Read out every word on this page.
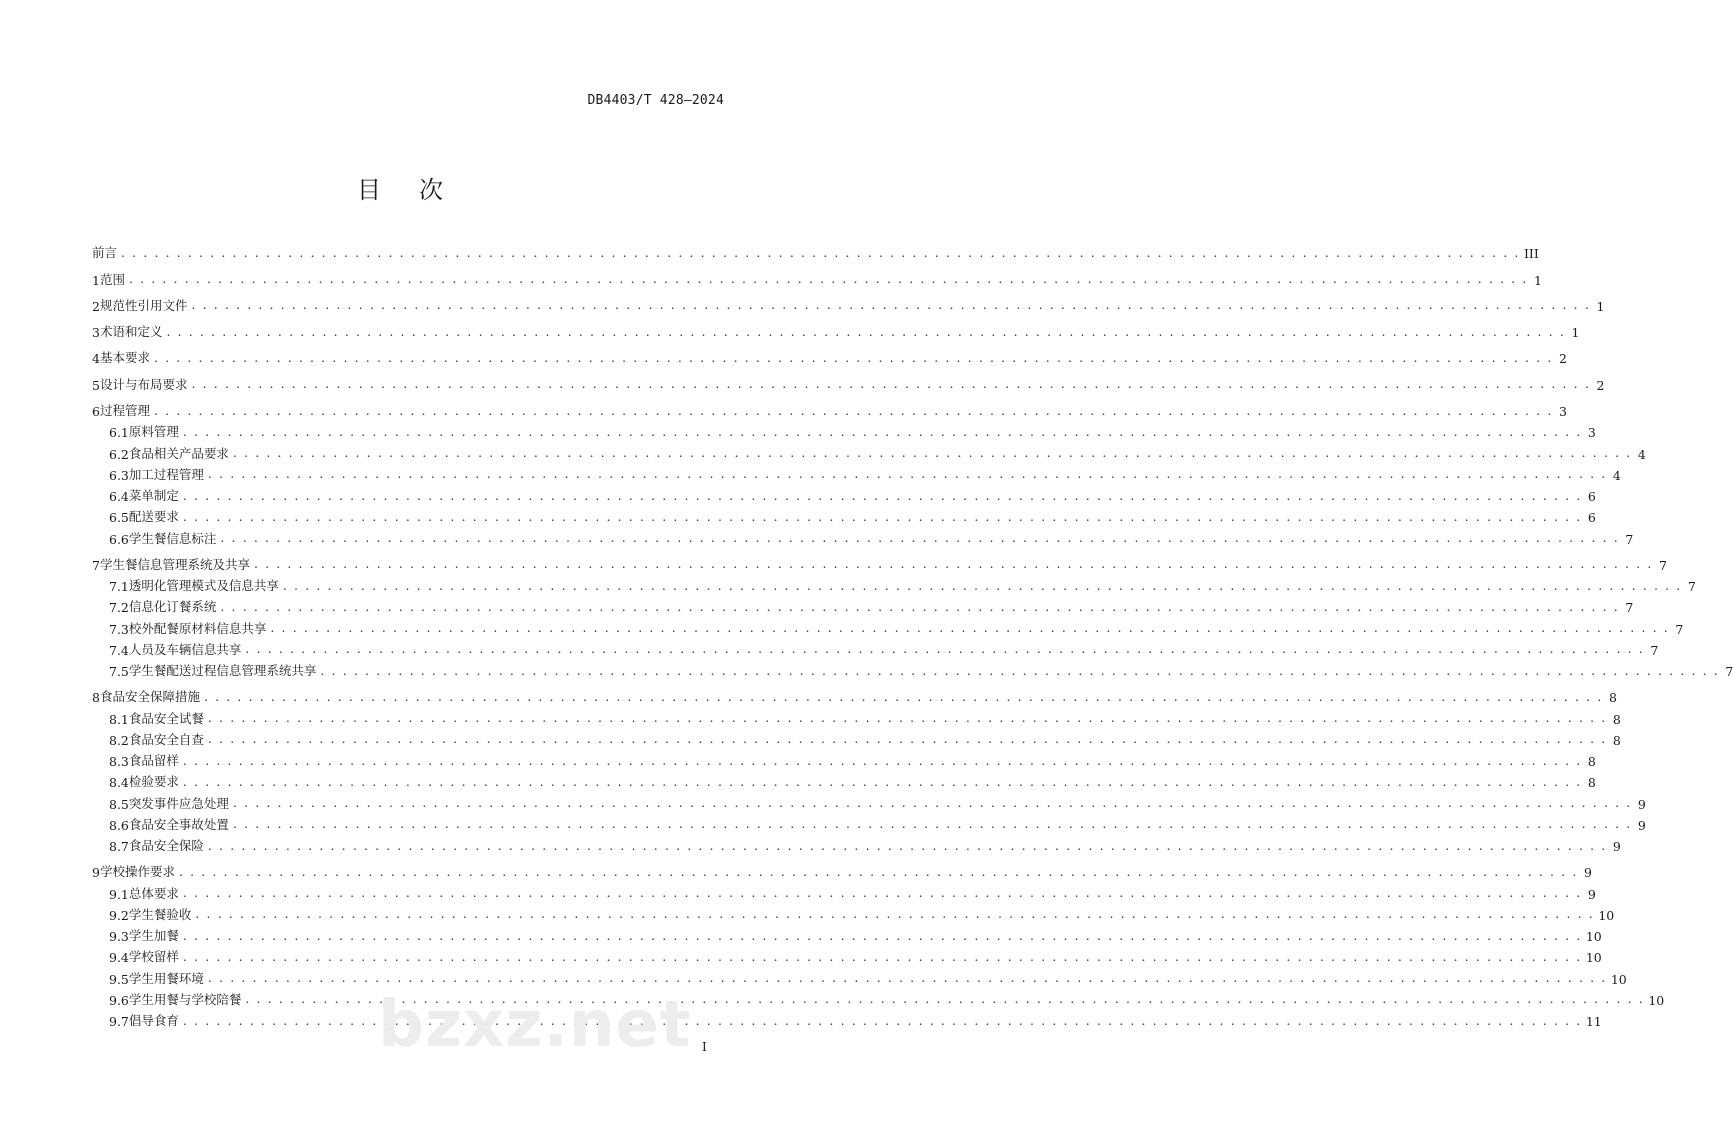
DB4403/T 428—2024
目次
前言 . . . . . . . . . . . . . . . . . . . . . . . . . . . . . . . . . . . . . . . . . . . . . . . . . . . . . . . . . . . . . . . . . . . . . . . . . . . . . . . . . . . . . . . . . . . . . . . . . . . . . . . . . . . . . . . . . . . . . . . . . . . . . . III
1 范围 . . . . . . . . . . . . . . . . . . . . . . . . . . . . . . . . . . . . . . . . . . . . . . . . . . . . . . . . . . . . . . . . . . . . . . . . . . . . . . . . . . . . . . . . . . . . . . . . . . . . . . . . . . . . . . . . . . . . . . . . . . . . . . 1
2 规范性引用文件 . . . . . . . . . . . . . . . . . . . . . . . . . . . . . . . . . . . . . . . . . . . . . . . . . . . . . . . . . . . . . . . . . . . . . . . . . . . . . . . . . . . . . . . . . . . . . . . . . . . . . . . . . . . . . . . . . . . . . . . . . . . . . . 1
3 术语和定义 . . . . . . . . . . . . . . . . . . . . . . . . . . . . . . . . . . . . . . . . . . . . . . . . . . . . . . . . . . . . . . . . . . . . . . . . . . . . . . . . . . . . . . . . . . . . . . . . . . . . . . . . . . . . . . . . . . . . . . . . . . . . . . 1
4 基本要求 . . . . . . . . . . . . . . . . . . . . . . . . . . . . . . . . . . . . . . . . . . . . . . . . . . . . . . . . . . . . . . . . . . . . . . . . . . . . . . . . . . . . . . . . . . . . . . . . . . . . . . . . . . . . . . . . . . . . . . . . . . . . . . 2
5 设计与布局要求 . . . . . . . . . . . . . . . . . . . . . . . . . . . . . . . . . . . . . . . . . . . . . . . . . . . . . . . . . . . . . . . . . . . . . . . . . . . . . . . . . . . . . . . . . . . . . . . . . . . . . . . . . . . . . . . . . . . . . . . . . . . . . . 2
6 过程管理 . . . . . . . . . . . . . . . . . . . . . . . . . . . . . . . . . . . . . . . . . . . . . . . . . . . . . . . . . . . . . . . . . . . . . . . . . . . . . . . . . . . . . . . . . . . . . . . . . . . . . . . . . . . . . . . . . . . . . . . . . . . . . . 3
6.1 原料管理 . . . . . . . . . . . . . . . . . . . . . . . . . . . . . . . . . . . . . . . . . . . . . . . . . . . . . . . . . . . . . . . . . . . . . . . . . . . . . . . . . . . . . . . . . . . . . . . . . . . . . . . . . . . . . . . . . . . . . . . . . . . . . . 3
6.2 食品相关产品要求 . . . . . . . . . . . . . . . . . . . . . . . . . . . . . . . . . . . . . . . . . . . . . . . . . . . . . . . . . . . . . . . . . . . . . . . . . . . . . . . . . . . . . . . . . . . . . . . . . . . . . . . . . . . . . . . . . . . . . . . . . . . . . . 4
6.3 加工过程管理 . . . . . . . . . . . . . . . . . . . . . . . . . . . . . . . . . . . . . . . . . . . . . . . . . . . . . . . . . . . . . . . . . . . . . . . . . . . . . . . . . . . . . . . . . . . . . . . . . . . . . . . . . . . . . . . . . . . . . . . . . . . . . . 4
6.4 菜单制定 . . . . . . . . . . . . . . . . . . . . . . . . . . . . . . . . . . . . . . . . . . . . . . . . . . . . . . . . . . . . . . . . . . . . . . . . . . . . . . . . . . . . . . . . . . . . . . . . . . . . . . . . . . . . . . . . . . . . . . . . . . . . . . 6
6.5 配送要求 . . . . . . . . . . . . . . . . . . . . . . . . . . . . . . . . . . . . . . . . . . . . . . . . . . . . . . . . . . . . . . . . . . . . . . . . . . . . . . . . . . . . . . . . . . . . . . . . . . . . . . . . . . . . . . . . . . . . . . . . . . . . . . 6
6.6 学生餐信息标注 . . . . . . . . . . . . . . . . . . . . . . . . . . . . . . . . . . . . . . . . . . . . . . . . . . . . . . . . . . . . . . . . . . . . . . . . . . . . . . . . . . . . . . . . . . . . . . . . . . . . . . . . . . . . . . . . . . . . . . . . . . . . . . 7
7 学生餐信息管理系统及共享 . . . . . . . . . . . . . . . . . . . . . . . . . . . . . . . . . . . . . . . . . . . . . . . . . . . . . . . . . . . . . . . . . . . . . . . . . . . . . . . . . . . . . . . . . . . . . . . . . . . . . . . . . . . . . . . . . . . . . . . . . . . . . . 7
7.1 透明化管理模式及信息共享 . . . . . . . . . . . . . . . . . . . . . . . . . . . . . . . . . . . . . . . . . . . . . . . . . . . . . . . . . . . . . . . . . . . . . . . . . . . . . . . . . . . . . . . . . . . . . . . . . . . . . . . . . . . . . . . . . . . . . . . . . . . . . . 7
7.2 信息化订餐系统 . . . . . . . . . . . . . . . . . . . . . . . . . . . . . . . . . . . . . . . . . . . . . . . . . . . . . . . . . . . . . . . . . . . . . . . . . . . . . . . . . . . . . . . . . . . . . . . . . . . . . . . . . . . . . . . . . . . . . . . . . . . . . . 7
7.3 校外配餐原材料信息共享 . . . . . . . . . . . . . . . . . . . . . . . . . . . . . . . . . . . . . . . . . . . . . . . . . . . . . . . . . . . . . . . . . . . . . . . . . . . . . . . . . . . . . . . . . . . . . . . . . . . . . . . . . . . . . . . . . . . . . . . . . . . . . . 7
7.4 人员及车辆信息共享 . . . . . . . . . . . . . . . . . . . . . . . . . . . . . . . . . . . . . . . . . . . . . . . . . . . . . . . . . . . . . . . . . . . . . . . . . . . . . . . . . . . . . . . . . . . . . . . . . . . . . . . . . . . . . . . . . . . . . . . . . . . . . . 7
7.5 学生餐配送过程信息管理系统共享 . . . . . . . . . . . . . . . . . . . . . . . . . . . . . . . . . . . . . . . . . . . . . . . . . . . . . . . . . . . . . . . . . . . . . . . . . . . . . . . . . . . . . . . . . . . . . . . . . . . . . . . . . . . . . . . . . . . . . . . . . . . . . . 7
8 食品安全保障措施 . . . . . . . . . . . . . . . . . . . . . . . . . . . . . . . . . . . . . . . . . . . . . . . . . . . . . . . . . . . . . . . . . . . . . . . . . . . . . . . . . . . . . . . . . . . . . . . . . . . . . . . . . . . . . . . . . . . . . . . . . . . . . . 8
8.1 食品安全试餐 . . . . . . . . . . . . . . . . . . . . . . . . . . . . . . . . . . . . . . . . . . . . . . . . . . . . . . . . . . . . . . . . . . . . . . . . . . . . . . . . . . . . . . . . . . . . . . . . . . . . . . . . . . . . . . . . . . . . . . . . . . . . . . 8
8.2 食品安全自查 . . . . . . . . . . . . . . . . . . . . . . . . . . . . . . . . . . . . . . . . . . . . . . . . . . . . . . . . . . . . . . . . . . . . . . . . . . . . . . . . . . . . . . . . . . . . . . . . . . . . . . . . . . . . . . . . . . . . . . . . . . . . . . 8
8.3 食品留样 . . . . . . . . . . . . . . . . . . . . . . . . . . . . . . . . . . . . . . . . . . . . . . . . . . . . . . . . . . . . . . . . . . . . . . . . . . . . . . . . . . . . . . . . . . . . . . . . . . . . . . . . . . . . . . . . . . . . . . . . . . . . . . 8
8.4 检验要求 . . . . . . . . . . . . . . . . . . . . . . . . . . . . . . . . . . . . . . . . . . . . . . . . . . . . . . . . . . . . . . . . . . . . . . . . . . . . . . . . . . . . . . . . . . . . . . . . . . . . . . . . . . . . . . . . . . . . . . . . . . . . . . 8
8.5 突发事件应急处理 . . . . . . . . . . . . . . . . . . . . . . . . . . . . . . . . . . . . . . . . . . . . . . . . . . . . . . . . . . . . . . . . . . . . . . . . . . . . . . . . . . . . . . . . . . . . . . . . . . . . . . . . . . . . . . . . . . . . . . . . . . . . . . 9
8.6 食品安全事故处置 . . . . . . . . . . . . . . . . . . . . . . . . . . . . . . . . . . . . . . . . . . . . . . . . . . . . . . . . . . . . . . . . . . . . . . . . . . . . . . . . . . . . . . . . . . . . . . . . . . . . . . . . . . . . . . . . . . . . . . . . . . . . . . 9
8.7 食品安全保险 . . . . . . . . . . . . . . . . . . . . . . . . . . . . . . . . . . . . . . . . . . . . . . . . . . . . . . . . . . . . . . . . . . . . . . . . . . . . . . . . . . . . . . . . . . . . . . . . . . . . . . . . . . . . . . . . . . . . . . . . . . . . . . 9
9 学校操作要求 . . . . . . . . . . . . . . . . . . . . . . . . . . . . . . . . . . . . . . . . . . . . . . . . . . . . . . . . . . . . . . . . . . . . . . . . . . . . . . . . . . . . . . . . . . . . . . . . . . . . . . . . . . . . . . . . . . . . . . . . . . . . . . 9
9.1 总体要求 . . . . . . . . . . . . . . . . . . . . . . . . . . . . . . . . . . . . . . . . . . . . . . . . . . . . . . . . . . . . . . . . . . . . . . . . . . . . . . . . . . . . . . . . . . . . . . . . . . . . . . . . . . . . . . . . . . . . . . . . . . . . . . 9
9.2 学生餐验收 . . . . . . . . . . . . . . . . . . . . . . . . . . . . . . . . . . . . . . . . . . . . . . . . . . . . . . . . . . . . . . . . . . . . . . . . . . . . . . . . . . . . . . . . . . . . . . . . . . . . . . . . . . . . . . . . . . . . . . . . . . . . . . 10
9.3 学生加餐 . . . . . . . . . . . . . . . . . . . . . . . . . . . . . . . . . . . . . . . . . . . . . . . . . . . . . . . . . . . . . . . . . . . . . . . . . . . . . . . . . . . . . . . . . . . . . . . . . . . . . . . . . . . . . . . . . . . . . . . . . . . . . . 10
9.4 学校留样 . . . . . . . . . . . . . . . . . . . . . . . . . . . . . . . . . . . . . . . . . . . . . . . . . . . . . . . . . . . . . . . . . . . . . . . . . . . . . . . . . . . . . . . . . . . . . . . . . . . . . . . . . . . . . . . . . . . . . . . . . . . . . . 10
9.5 学生用餐环境 . . . . . . . . . . . . . . . . . . . . . . . . . . . . . . . . . . . . . . . . . . . . . . . . . . . . . . . . . . . . . . . . . . . . . . . . . . . . . . . . . . . . . . . . . . . . . . . . . . . . . . . . . . . . . . . . . . . . . . . . . . . . . . 10
9.6 学生用餐与学校陪餐 . . . . . . . . . . . . . . . . . . . . . . . . . . . . . . . . . . . . . . . . . . . . . . . . . . . . . . . . . . . . . . . . . . . . . . . . . . . . . . . . . . . . . . . . . . . . . . . . . . . . . . . . . . . . . . . . . . . . . . . . . . . . . . 10
9.7 倡导食育 . . . . . . . . . . . . . . . . . . . . . . . . . . . . . . . . . . . . . . . . . . . . . . . . . . . . . . . . . . . . . . . . . . . . . . . . . . . . . . . . . . . . . . . . . . . . . . . . . . . . . . . . . . . . . . . . . . . . . . . . . . . . . . 11
I
bzxz.net
